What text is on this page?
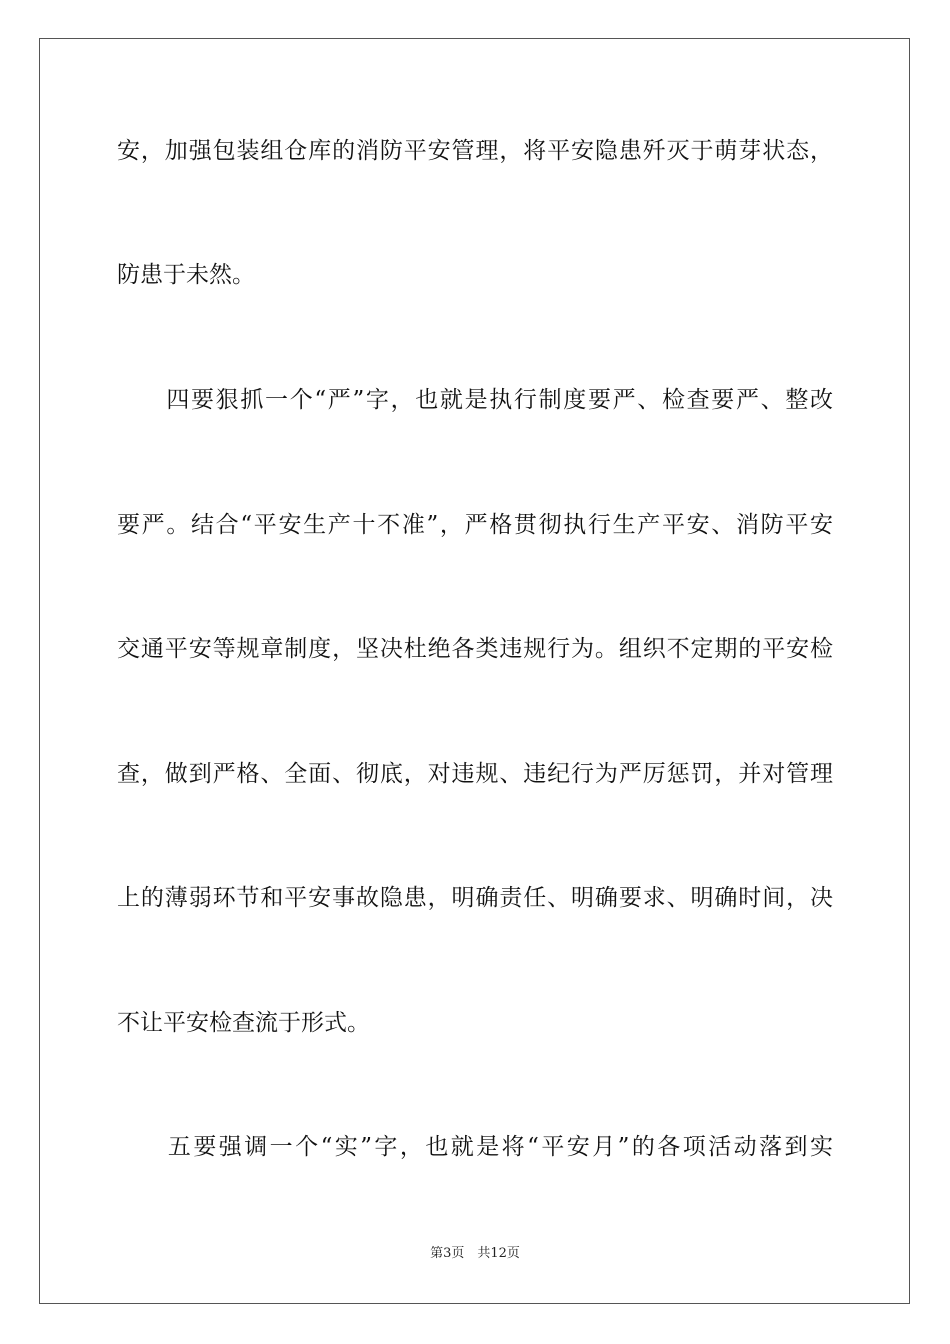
安，加强包装组仓库的消防平安管理，将平安隐患歼灭于萌芽状态，
防患于未然。
　　四要狠抓一个“严”字，也就是执行制度要严、检查要严、整改
要严。结合“平安生产十不准”，严格贯彻执行生产平安、消防平安
交通平安等规章制度，坚决杜绝各类违规行为。组织不定期的平安检
查，做到严格、全面、彻底，对违规、违纪行为严厉惩罚，并对管理
上的薄弱环节和平安事故隐患，明确责任、明确要求、明确时间，决
不让平安检查流于形式。
　　五要强调一个“实”字，也就是将“平安月”的各项活动落到实
第3页　共12页
